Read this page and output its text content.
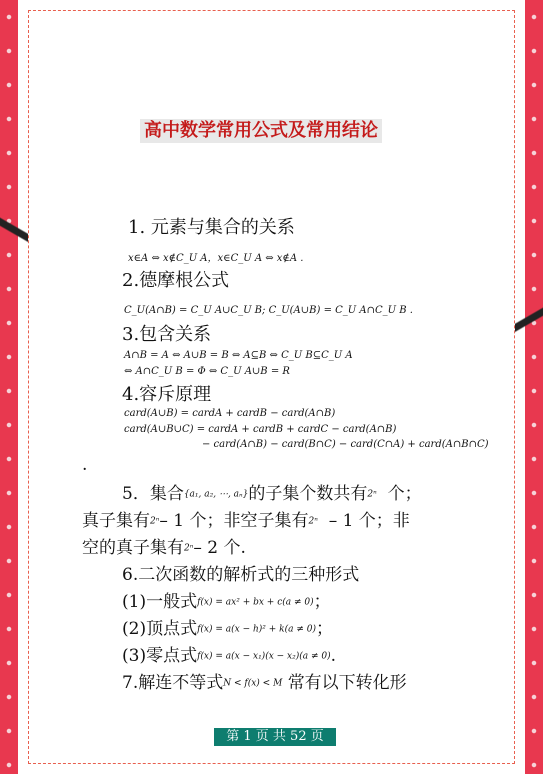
高中数学常用公式及常用结论
1. 元素与集合的关系
x∈A ⇔ x∉C_U A，x∈C_U A ⇔ x∉A .
2.德摩根公式
C_U(A∩B) = C_U A∪C_U B; C_U(A∪B) = C_U A∩C_U B .
3.包含关系
A∩B = A ⇔ A∪B = B ⇔ A⊆B ⇔ C_U B⊆C_U A
⇔ A∩C_U B = Φ ⇔ C_U A∪B = R
4.容斥原理
card(A∪B) = cardA + cardB − card(A∩B)
card(A∪B∪C) = cardA + cardB + cardC − card(A∩B)
− card(A∩B) − card(B∩C) − card(C∩A) + card(A∩B∩C)
.
5．集合{a₁, a₂, ⋯, aₙ}的子集个数共有2ⁿ 个；
真子集有2ⁿ– 1 个；非空子集有2ⁿ – 1 个；非
空的真子集有2ⁿ– 2 个.
6.二次函数的解析式的三种形式
(1)一般式f(x) = ax² + bx + c(a ≠ 0)；
(2)顶点式f(x) = a(x − h)² + k(a ≠ 0)；
(3)零点式f(x) = a(x − x₁)(x − x₂)(a ≠ 0).
7.解连不等式N < f(x) < M 常有以下转化形
第 1 页 共 52 页
